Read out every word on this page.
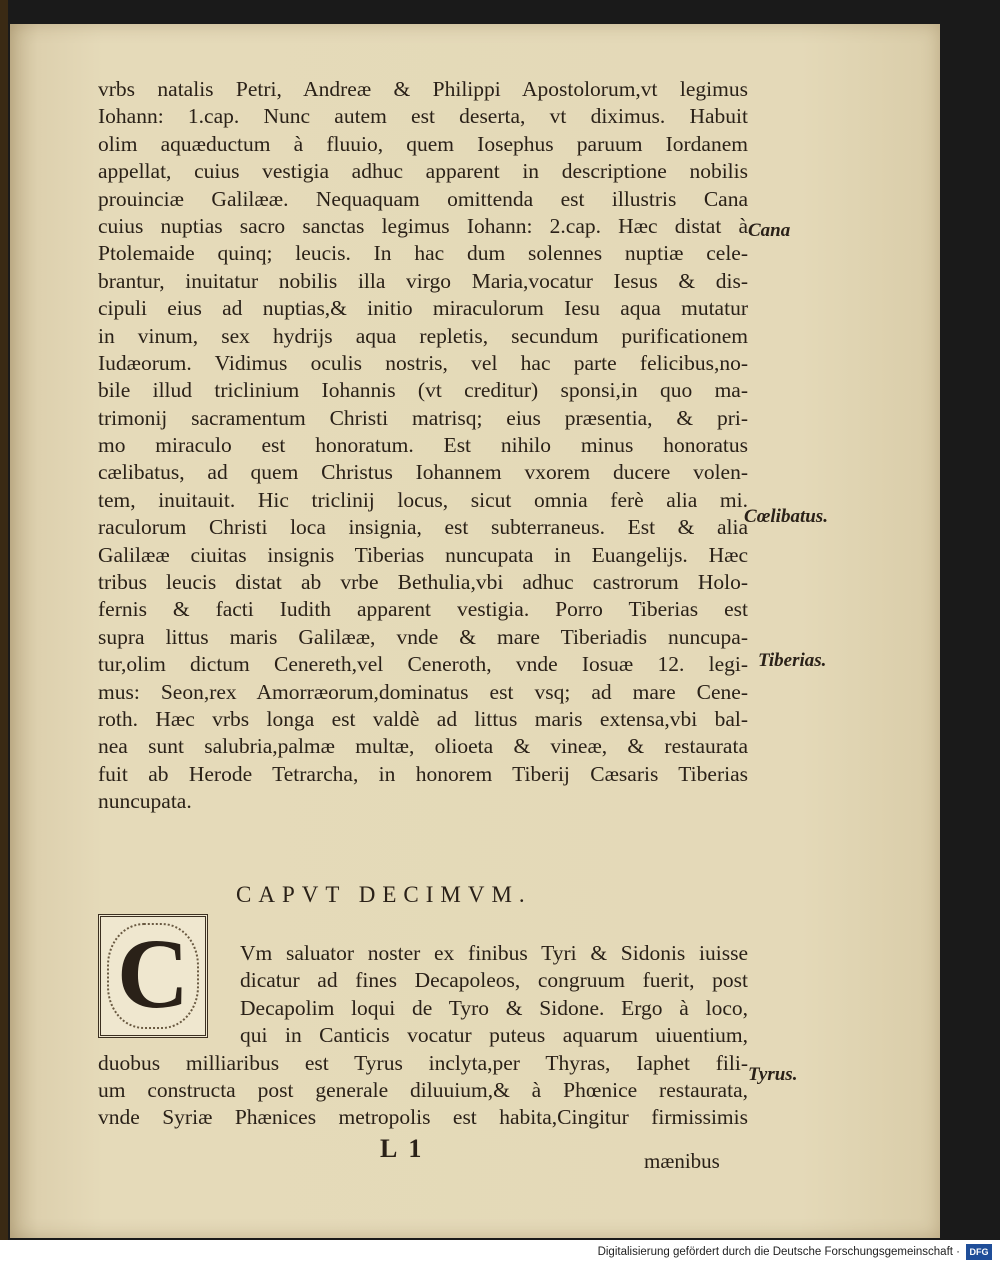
vrbs natalis Petri, Andreæ & Philippi Apostolorum,vt legimus
Iohann: 1.cap. Nunc autem est deserta, vt diximus. Habuit
olim aquæductum à fluuio, quem Iosephus paruum Iordanem
appellat, cuius vestigia adhuc apparent in descriptione nobilis
prouinciæ Galilææ. Nequaquam omittenda est illustris Cana
cuius nuptias sacro sanctas legimus Iohann: 2.cap. Hæc distat à
Ptolemaide quinq; leucis. In hac dum solennes nuptiæ cele-
brantur, inuitatur nobilis illa virgo Maria,vocatur Iesus & dis-
cipuli eius ad nuptias,& initio miraculorum Iesu aqua mutatur
in vinum, sex hydrijs aqua repletis, secundum purificationem
Iudæorum. Vidimus oculis nostris, vel hac parte felicibus,no-
bile illud triclinium Iohannis (vt creditur) sponsi,in quo ma-
trimonij sacramentum Christi matrisq; eius præsentia, & pri-
mo miraculo est honoratum. Est nihilo minus honoratus
cælibatus, ad quem Christus Iohannem vxorem ducere volen-
tem, inuitauit. Hic triclinij locus, sicut omnia ferè alia mi.
raculorum Christi loca insignia, est subterraneus. Est & alia
Galilææ ciuitas insignis Tiberias nuncupata in Euangelijs. Hæc
tribus leucis distat ab vrbe Bethulia,vbi adhuc castrorum Holo-
fernis & facti Iudith apparent vestigia. Porro Tiberias est
supra littus maris Galilææ, vnde & mare Tiberiadis nuncupa-
tur,olim dictum Cenereth,vel Ceneroth, vnde Iosuæ 12. legi-
mus: Seon,rex Amorræorum,dominatus est vsq; ad mare Cene-
roth. Hæc vrbs longa est valdè ad littus maris extensa,vbi bal-
nea sunt salubria,palmæ multæ, olioeta & vineæ, & restaurata
fuit ab Herode Tetrarcha, in honorem Tiberij Cæsaris Tiberias
nuncupata.
Cana
Cœlibatus.
Tiberias.
Tyrus.
CAPVT DECIMVM.
C	Vm saluator noster ex finibus Tyri & Sidonis iuisse
dicatur ad fines Decapoleos, congruum fuerit, post
Decapolim loqui de Tyro & Sidone. Ergo à loco,
qui in Canticis vocatur puteus aquarum uiuentium,
duobus milliaribus est Tyrus inclyta,per Thyras, Iaphet fili-
um constructa post generale diluuium,& à Phœnice restaurata,
vnde Syriæ Phænices metropolis est habita,Cingitur firmissimis
L 1	mænibus
Digitalisierung gefördert durch die Deutsche Forschungsgemeinschaft ·	DFG
